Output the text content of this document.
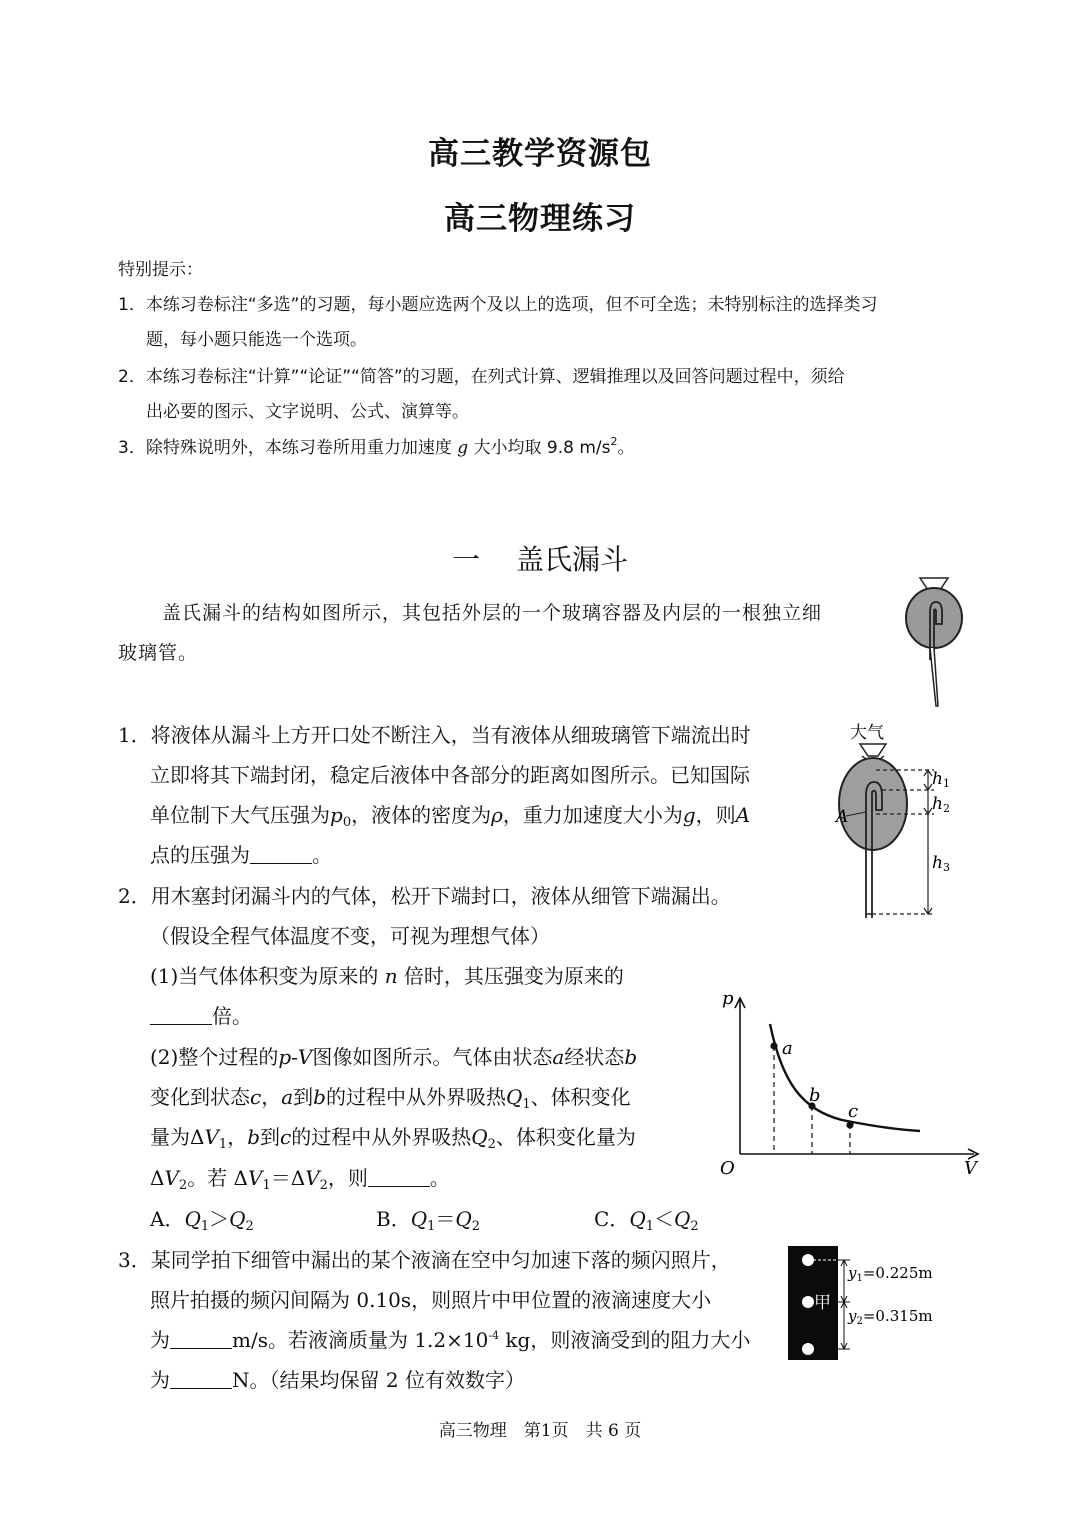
高三教学资源包
高三物理练习
特别提示：
1．本练习卷标注“多选”的习题，每小题应选两个及以上的选项，但不可全选；未特别标注的选择类习
题，每小题只能选一个选项。
2．本练习卷标注“计算”“论证”“简答”的习题，在列式计算、逻辑推理以及回答问题过程中，须给
出必要的图示、文字说明、公式、演算等。
3．除特殊说明外，本练习卷所用重力加速度 g 大小均取 9.8 $m/s^2$。
一 盖氏漏斗
盖氏漏斗的结构如图所示，其包括外层的一个玻璃容器及内层的一根独立细
玻璃管。
1．将液体从漏斗上方开口处不断注入，当有液体从细玻璃管下端流出时
立即将其下端封闭，稳定后液体中各部分的距离如图所示。已知国际
单位制下大气压强为$p_0$，液体的密度为ρ，重力加速度大小为g，则A
点的压强为	。
大气
h1
h2
h3
A
2．用木塞封闭漏斗内的气体，松开下端封口，液体从细管下端漏出。
（假设全程气体温度不变，可视为理想气体）
(1)当气体体积变为原来的 n 倍时，其压强变为原来的
倍。
(2)整个过程的p-V图像如图所示。气体由状态a经状态b
变化到状态c，a到b的过程中从外界吸热$Q_1$、体积变化
量为$\Delta V_1$，b到c的过程中从外界吸热$Q_2$、体积变化量为
$\Delta V_2$。若 $\Delta V_1=\Delta V_2$，则	。
A．$Q_1>Q_2$	B．$Q_1=Q_2$	C．$Q_1<Q_2$
p
V
O
a
b
c
3．某同学拍下细管中漏出的某个液滴在空中匀加速下落的频闪照片，
照片拍摄的频闪间隔为 0.10s，则照片中甲位置的液滴速度大小
为	m/s。若液滴质量为 $1.2\times 10^{-4}$ kg，则液滴受到的阻力大小
为	N。（结果均保留 2 位有效数字）
甲
$y_1=0.225m$
$y_2=0.315m$
高三物理　第1页　共 6 页
